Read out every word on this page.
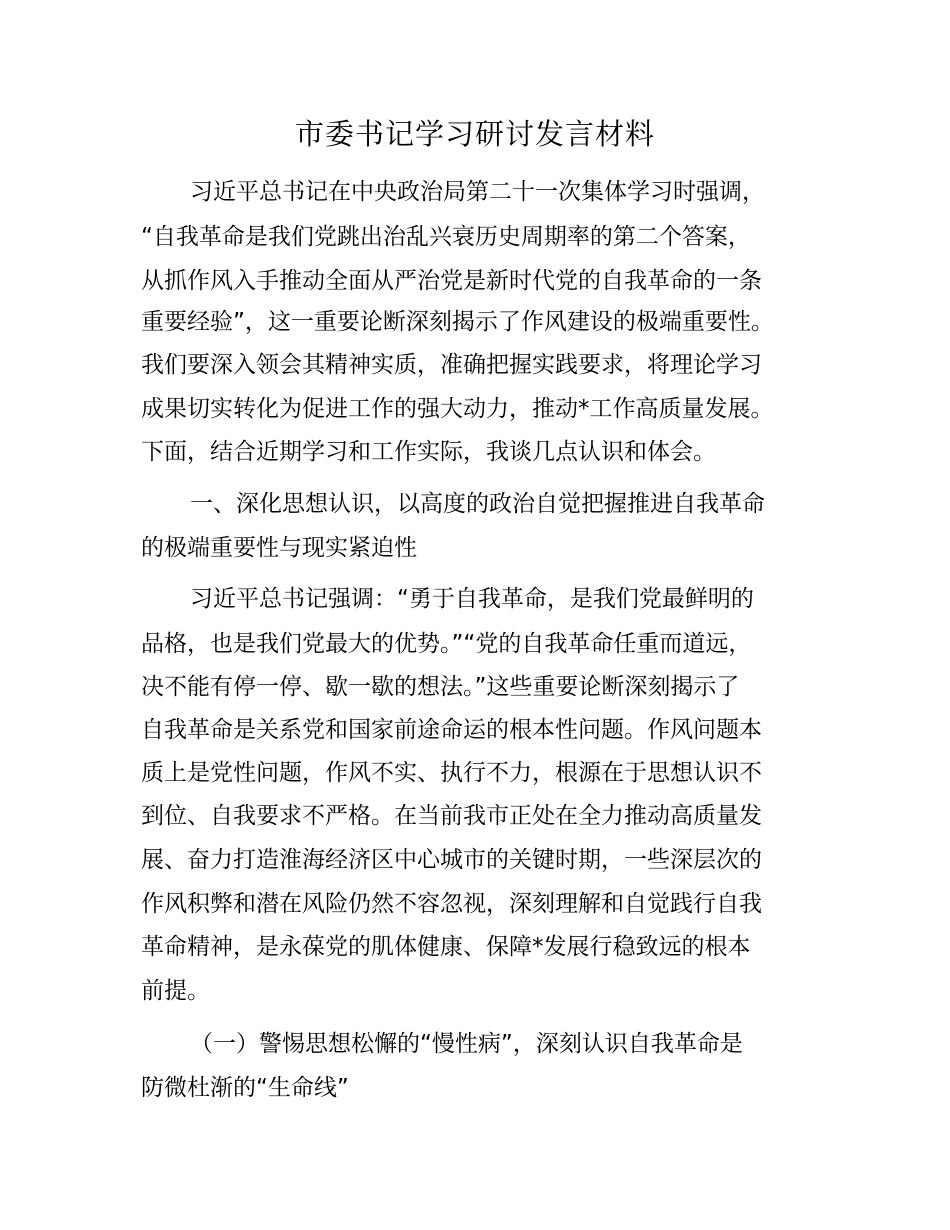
市委书记学习研讨发言材料

习近平总书记在中央政治局第二十一次集体学习时强调，

“自我革命是我们党跳出治乱兴衰历史周期率的第二个答案，

从抓作风入手推动全面从严治党是新时代党的自我革命的一条

重要经验”，这一重要论断深刻揭示了作风建设的极端重要性。

我们要深入领会其精神实质，准确把握实践要求，将理论学习

成果切实转化为促进工作的强大动力，推动*工作高质量发展。

下面，结合近期学习和工作实际，我谈几点认识和体会。

一、深化思想认识，以高度的政治自觉把握推进自我革命

的极端重要性与现实紧迫性

习近平总书记强调：“勇于自我革命，是我们党最鲜明的

品格，也是我们党最大的优势。”“党的自我革命任重而道远，

决不能有停一停、歇一歇的想法。”这些重要论断深刻揭示了

自我革命是关系党和国家前途命运的根本性问题。作风问题本

质上是党性问题，作风不实、执行不力，根源在于思想认识不

到位、自我要求不严格。在当前我市正处在全力推动高质量发

展、奋力打造淮海经济区中心城市的关键时期，一些深层次的

作风积弊和潜在风险仍然不容忽视，深刻理解和自觉践行自我

革命精神，是永葆党的肌体健康、保障*发展行稳致远的根本

前提。

（一）警惕思想松懈的“慢性病”，深刻认识自我革命是

防微杜渐的“生命线”
